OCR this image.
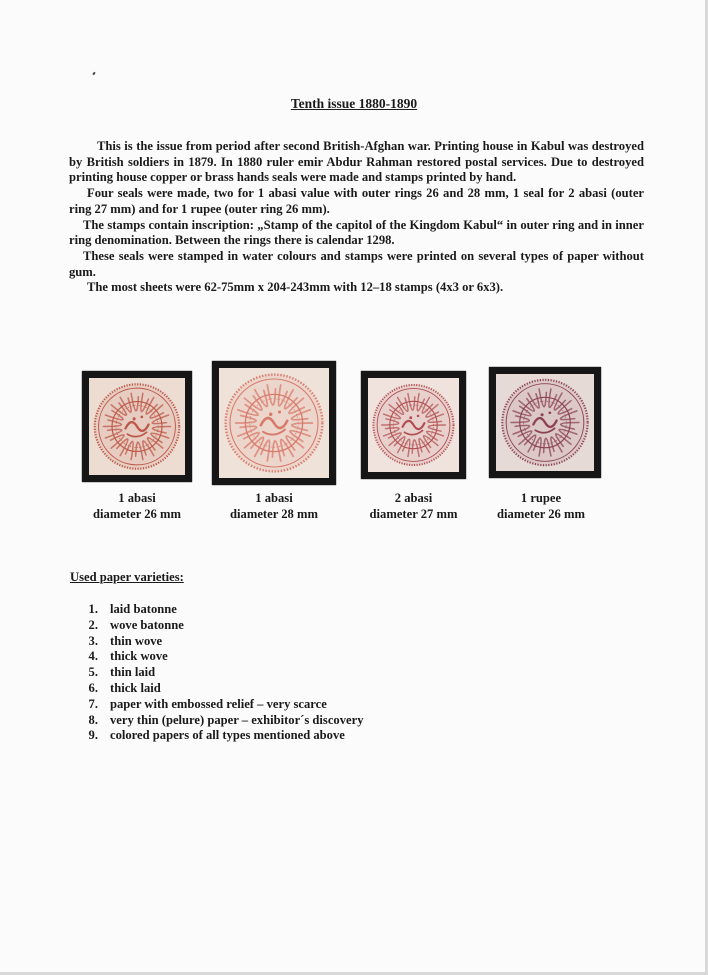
Tenth issue 1880-1890

This is the issue from period after second British-Afghan war. Printing house in Kabul was destroyed by British soldiers in 1879. In 1880 ruler emir Abdur Rahman restored postal services. Due to destroyed printing house copper or brass hands seals were made and stamps printed by hand.

Four seals were made, two for 1 abasi value with outer rings 26 and 28 mm, 1 seal for 2 abasi (outer ring 27 mm) and for 1 rupee (outer ring 26 mm).

The stamps contain inscription: „Stamp of the capitol of the Kingdom Kabul“ in outer ring and in inner ring denomination. Between the rings there is calendar 1298.

These seals were stamped in water colours and stamps were printed on several types of paper without gum.

The most sheets were 62-75mm x 204-243mm with 12–18 stamps (4x3 or 6x3).

1 abasi
diameter 26 mm
1 abasi
diameter 28 mm
2 abasi
diameter 27 mm
1 rupee
diameter 26 mm
Used paper varieties:
1. laid batonne
2. wove batonne
3. thin wove
4. thick wove
5. thin laid
6. thick laid
7. paper with embossed relief – very scarce
8. very thin (pelure) paper – exhibitor´s discovery
9. colored papers of all types mentioned above
